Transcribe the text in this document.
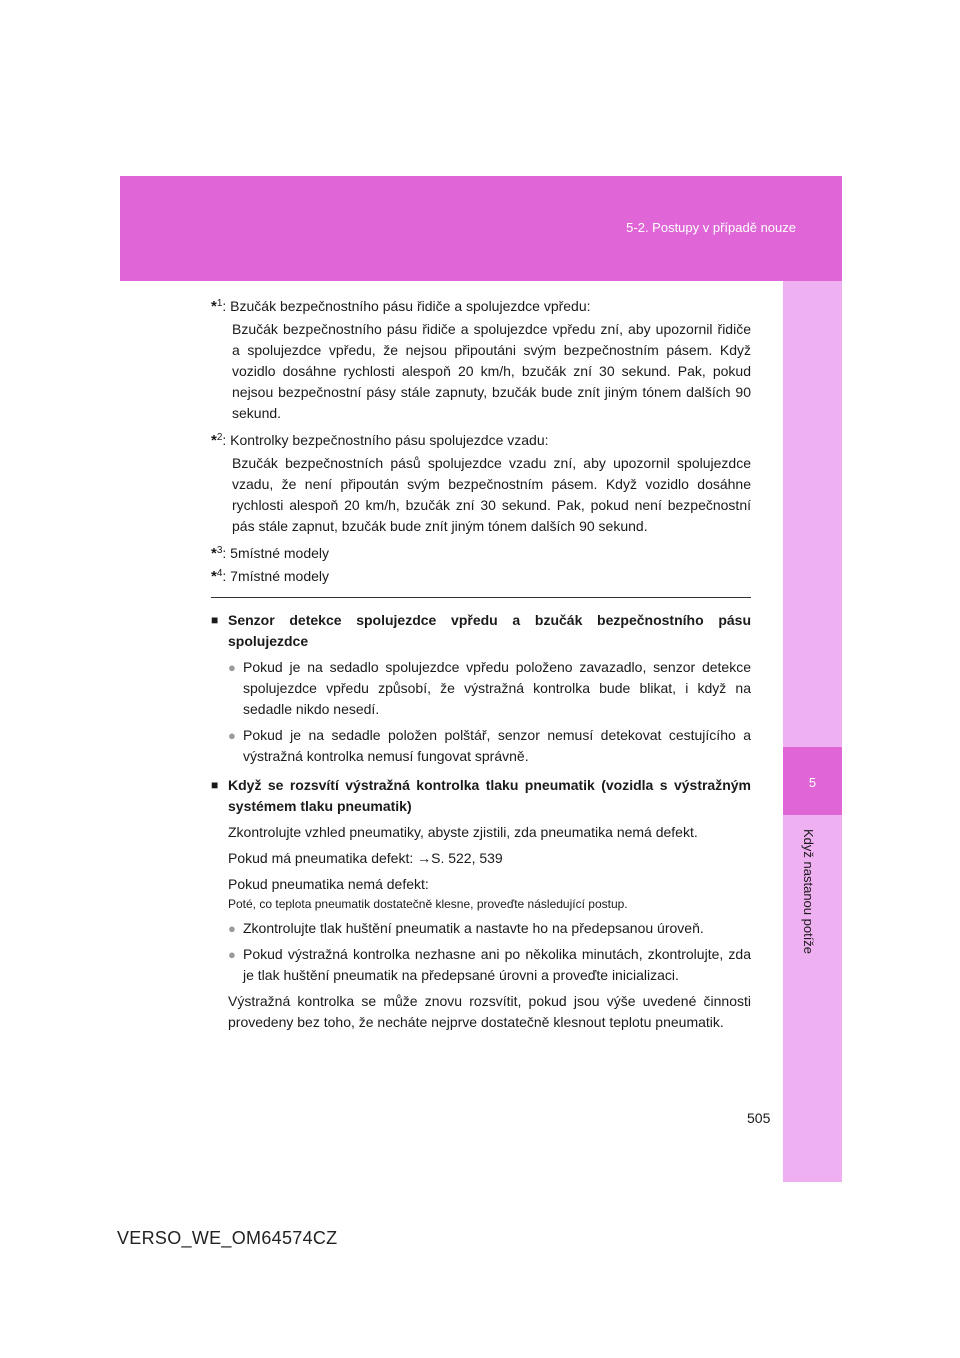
5-2. Postupy v případě nouze
5
Když nastanou potíže
* 1 : Bzučák bezpečnostního pásu řidiče a spolujezdce vpředu:
Bzučák bezpečnostního pásu řidiče a spolujezdce vpředu zní, aby upozornil řidiče a spolujezdce vpředu, že nejsou připoutáni svým bezpečnostním pásem. Když vozidlo dosáhne rychlosti alespoň 20 km/h, bzučák zní 30 sekund. Pak, pokud nejsou bezpečnostní pásy stále zapnuty, bzučák bude znít jiným tónem dalších 90 sekund.
* 2 : Kontrolky bezpečnostního pásu spolujezdce vzadu:
Bzučák bezpečnostních pásů spolujezdce vzadu zní, aby upozornil spolujezdce vzadu, že není připoután svým bezpečnostním pásem. Když vozidlo dosáhne rychlosti alespoň 20 km/h, bzučák zní 30 sekund. Pak, pokud není bezpečnostní pás stále zapnut, bzučák bude znít jiným tónem dalších 90 sekund.
* 3 : 5místné modely
* 4 : 7místné modely
■ Senzor detekce spolujezdce vpředu a bzučák bezpečnostního pásu spolujezdce
● Pokud je na sedadlo spolujezdce vpředu položeno zavazadlo, senzor detekce spolujezdce vpředu způsobí, že výstražná kontrolka bude blikat, i když na sedadle nikdo nesedí.
● Pokud je na sedadle položen polštář, senzor nemusí detekovat cestujícího a výstražná kontrolka nemusí fungovat správně.
■ Když se rozsvítí výstražná kontrolka tlaku pneumatik (vozidla s výstražným systémem tlaku pneumatik)
Zkontrolujte vzhled pneumatiky, abyste zjistili, zda pneumatika nemá defekt.
Pokud má pneumatika defekt: →S. 522, 539
Pokud pneumatika nemá defekt:
Poté, co teplota pneumatik dostatečně klesne, proveďte následující postup.
● Zkontrolujte tlak huštění pneumatik a nastavte ho na předepsanou úroveň.
● Pokud výstražná kontrolka nezhasne ani po několika minutách, zkontrolujte, zda je tlak huštění pneumatik na předepsané úrovni a proveďte inicializaci.
Výstražná kontrolka se může znovu rozsvítit, pokud jsou výše uvedené činnosti provedeny bez toho, že necháte nejprve dostatečně klesnout teplotu pneumatik.
505
VERSO_WE_OM64574CZ
